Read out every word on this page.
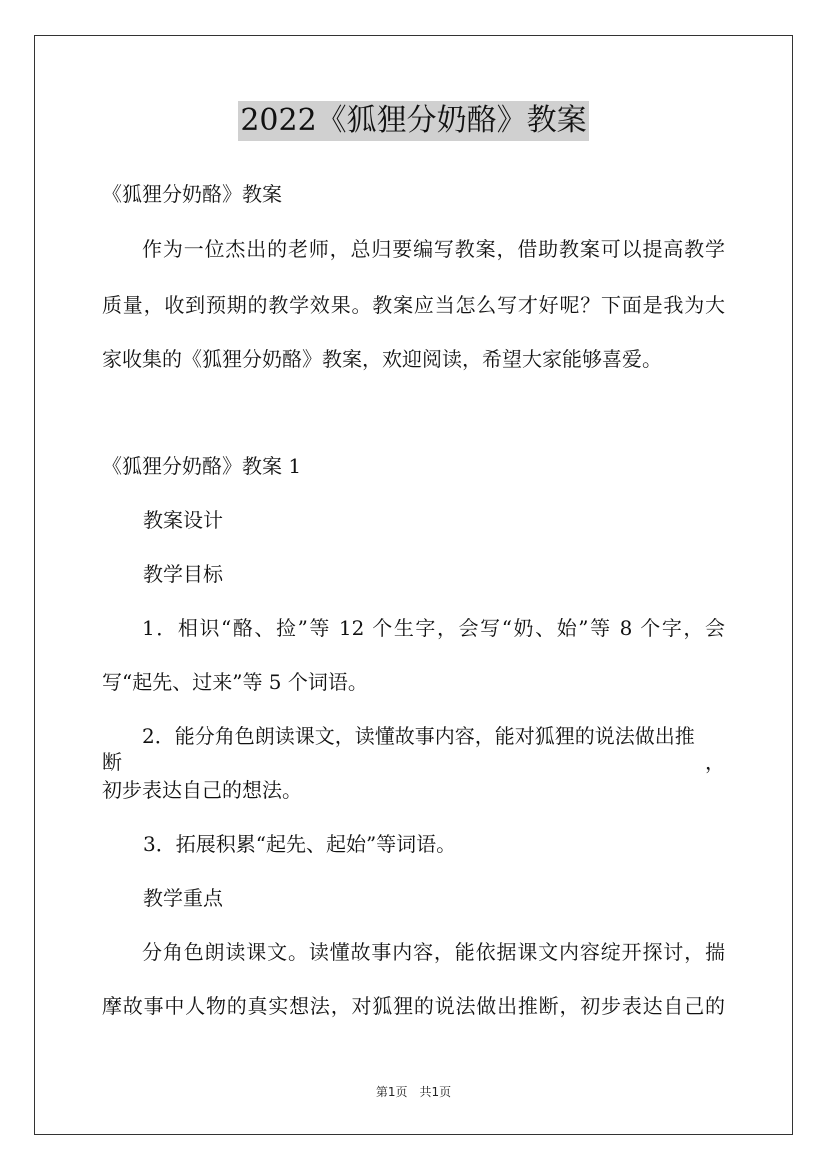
2022《狐狸分奶酪》教案
《狐狸分奶酪》教案
作为一位杰出的老师，总归要编写教案，借助教案可以提高教学
质量，收到预期的教学效果。教案应当怎么写才好呢？下面是我为大
家收集的《狐狸分奶酪》教案，欢迎阅读，希望大家能够喜爱。
《狐狸分奶酪》教案 1
教案设计
教学目标
1．相识“酪、捡”等 12 个生字，会写“奶、始”等 8 个字，会
写“起先、过来”等 5 个词语。
2．能分角色朗读课文，读懂故事内容，能对狐狸的说法做出推断，
初步表达自己的想法。
3．拓展积累“起先、起始”等词语。
教学重点
分角色朗读课文。读懂故事内容，能依据课文内容绽开探讨，揣
摩故事中人物的真实想法，对狐狸的说法做出推断，初步表达自己的
第1页　共1页
